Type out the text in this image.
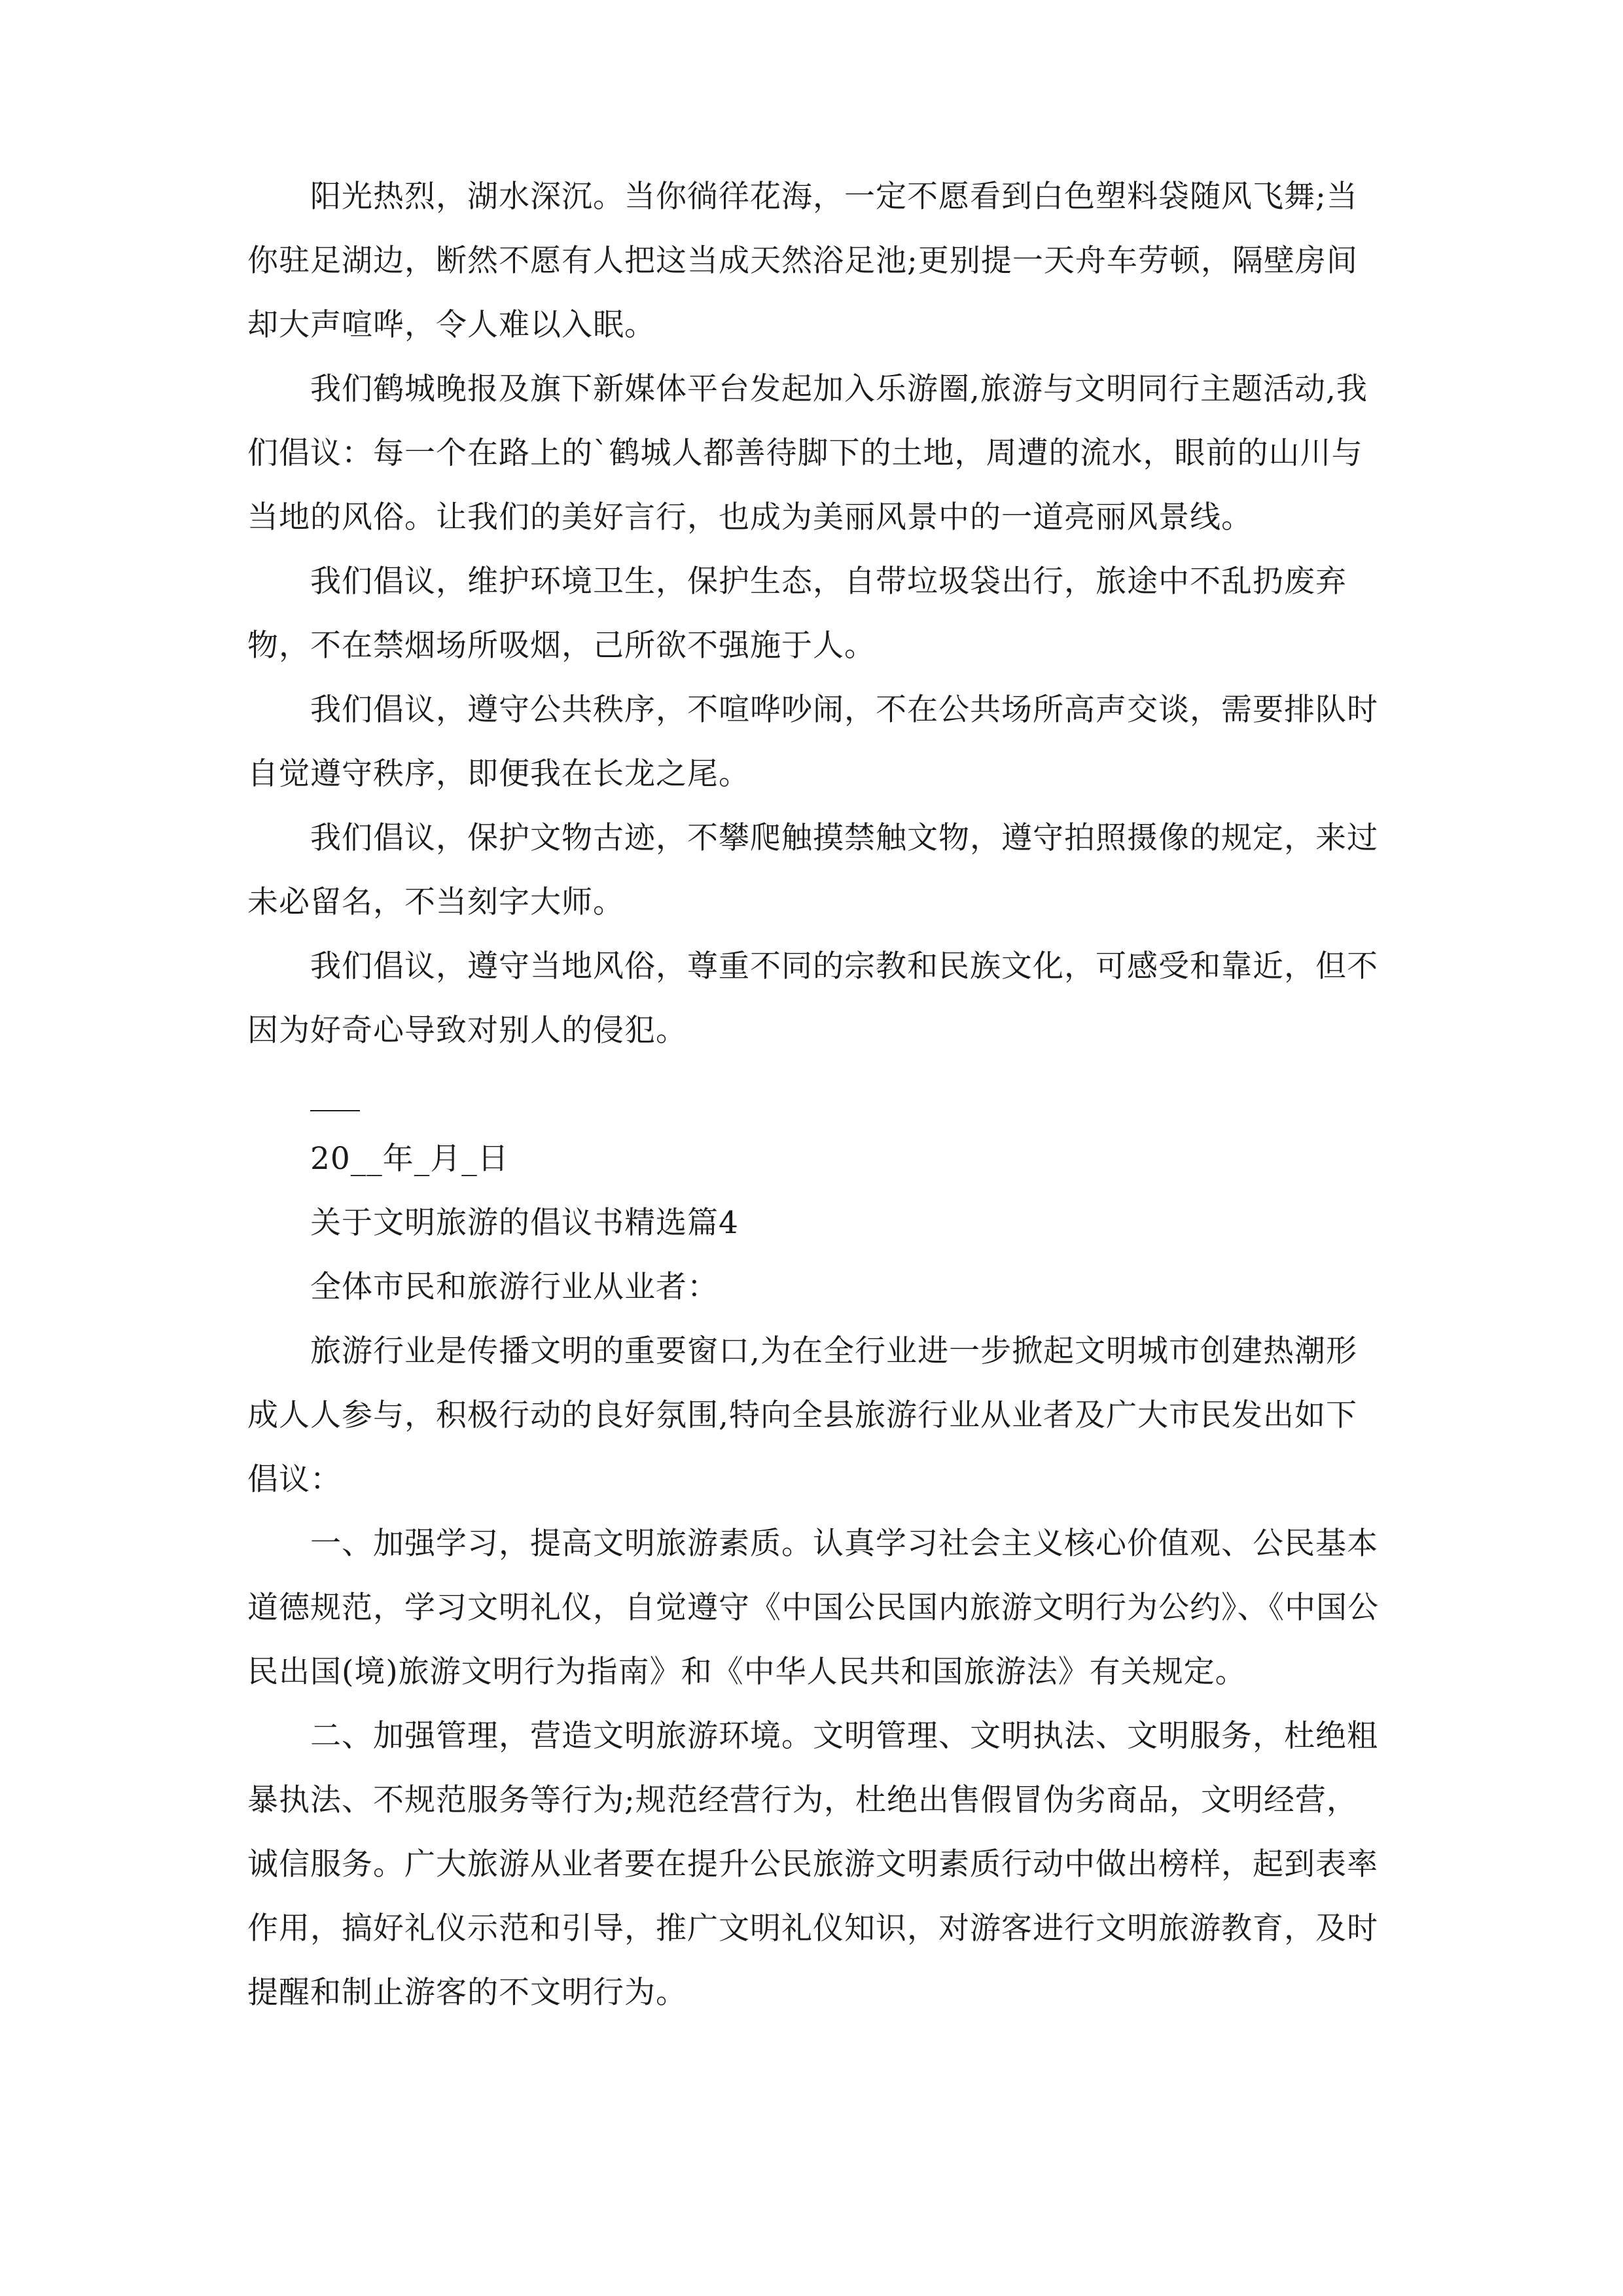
阳光热烈，湖水深沉。当你徜徉花海，一定不愿看到白色塑料袋随风飞舞;当你驻足湖边，断然不愿有人把这当成天然浴足池;更别提一天舟车劳顿，隔壁房间却大声喧哗，令人难以入眠。

我们鹤城晚报及旗下新媒体平台发起加入乐游圈,旅游与文明同行主题活动,我们倡议：每一个在路上的`鹤城人都善待脚下的土地，周遭的流水，眼前的山川与当地的风俗。让我们的美好言行，也成为美丽风景中的一道亮丽风景线。

我们倡议，维护环境卫生，保护生态，自带垃圾袋出行，旅途中不乱扔废弃物，不在禁烟场所吸烟，己所欲不强施于人。

我们倡议，遵守公共秩序，不喧哗吵闹，不在公共场所高声交谈，需要排队时自觉遵守秩序，即便我在长龙之尾。

我们倡议，保护文物古迹，不攀爬触摸禁触文物，遵守拍照摄像的规定，来过未必留名，不当刻字大师。

我们倡议，遵守当地风俗，尊重不同的宗教和民族文化，可感受和靠近，但不因为好奇心导致对别人的侵犯。

20__年_月_日

关于文明旅游的倡议书精选篇4

全体市民和旅游行业从业者：

旅游行业是传播文明的重要窗口,为在全行业进一步掀起文明城市创建热潮形成人人参与，积极行动的良好氛围,特向全县旅游行业从业者及广大市民发出如下倡议：

一、加强学习，提高文明旅游素质。认真学习社会主义核心价值观、公民基本道德规范，学习文明礼仪，自觉遵守《中国公民国内旅游文明行为公约》、《中国公民出国(境)旅游文明行为指南》和《中华人民共和国旅游法》有关规定。

二、加强管理，营造文明旅游环境。文明管理、文明执法、文明服务，杜绝粗暴执法、不规范服务等行为;规范经营行为，杜绝出售假冒伪劣商品，文明经营，诚信服务。广大旅游从业者要在提升公民旅游文明素质行动中做出榜样，起到表率作用，搞好礼仪示范和引导，推广文明礼仪知识，对游客进行文明旅游教育，及时提醒和制止游客的不文明行为。
